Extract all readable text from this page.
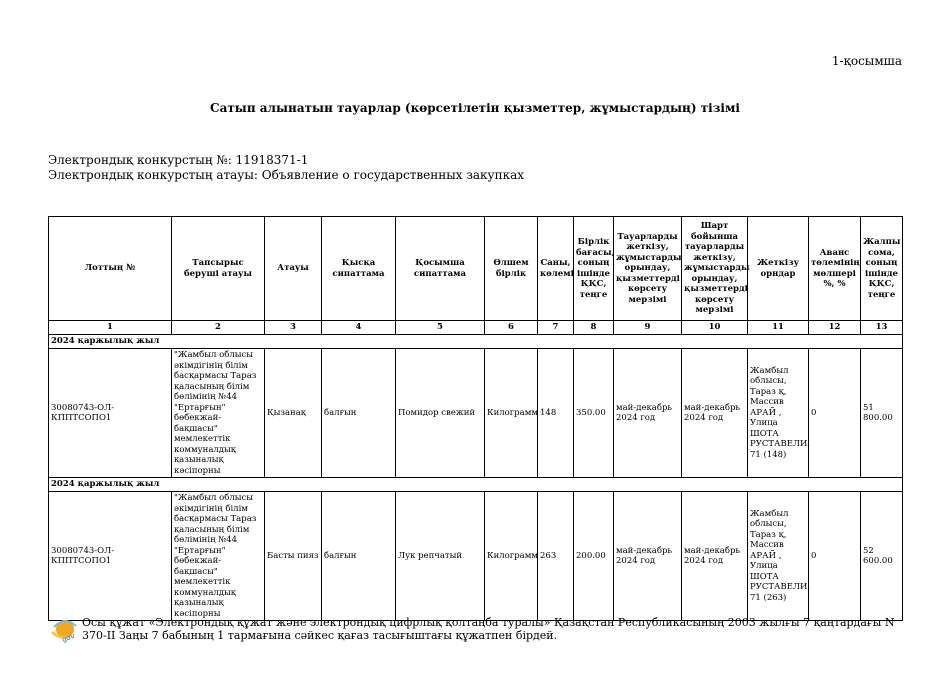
1-қосымша
Сатып алынатын тауарлар (көрсетілетін қызметтер, жұмыстардың) тізімі
Электрондық конкурстың №: 11918371-1
Электрондық конкурстың атауы: Объявление о государственных закупках
Лоттың №	Тапсырыс беруші атауы	Атауы	Қысқа сипаттама	Қосымша сипаттама	Өлшем бірлік	Саны, көлемі	Бірлік бағасы, соның ішінде ҚҚС, теңге	Тауарларды жеткізу, жұмыстарды орындау, қызметтерді көрсету мерзімі	Шарт бойынша тауарларды жеткізу, жұмыстарды орындау, қызметтерді көрсету мерзімі	Жеткізу орндар	Аванс төлемінің мөлшері %, %	Жалпы сома, соның ішінде ҚҚС, теңге
1	2	3	4	5	6	7	8	9	10	11	12	13
2024 қаржылық жыл												
30080743-ОЛ-КППТСОПО1	"Жамбыл облысы әкімдігінің білім басқармасы Тараз қаласының білім бөлімінің №44 "Ертарғын" бөбекжай-бақшасы" мемлекеттік коммуналдық қазыналық кәсіпорны	Қызанақ	балғын	Помидор свежий	Килограмм	148	350.00	май-декабрь 2024 год	май-декабрь 2024 год	Жамбыл облысы, Тараз қ, Массив АРАЙ , Улица ШОТА РУСТАВЕЛИ, 71 (148)	0	51 800.00
2024 қаржылық жыл												
30080743-ОЛ-КППТСОПО1	"Жамбыл облысы әкімдігінің білім басқармасы Тараз қаласының білім бөлімінің №44 "Ертарғын" бөбекжай-бақшасы" мемлекеттік коммуналдық қазыналық кәсіпорны	Басты пияз	балғын	Лук репчатый	Килограмм	263	200.00	май-декабрь 2024 год	май-декабрь 2024 год	Жамбыл облысы, Тараз қ, Массив АРАЙ , Улица ШОТА РУСТАВЕЛИ, 71 (263)	0	52 600.00
gov
Осы құжат «Электрондық құжат және электрондық цифрлық қолтаңба туралы» Қазақстан Республикасының 2003 жылғы 7 қаңтардағы N 370-II Заңы 7 бабының 1 тармағына сәйкес қағаз тасығыштағы құжатпен бірдей.
